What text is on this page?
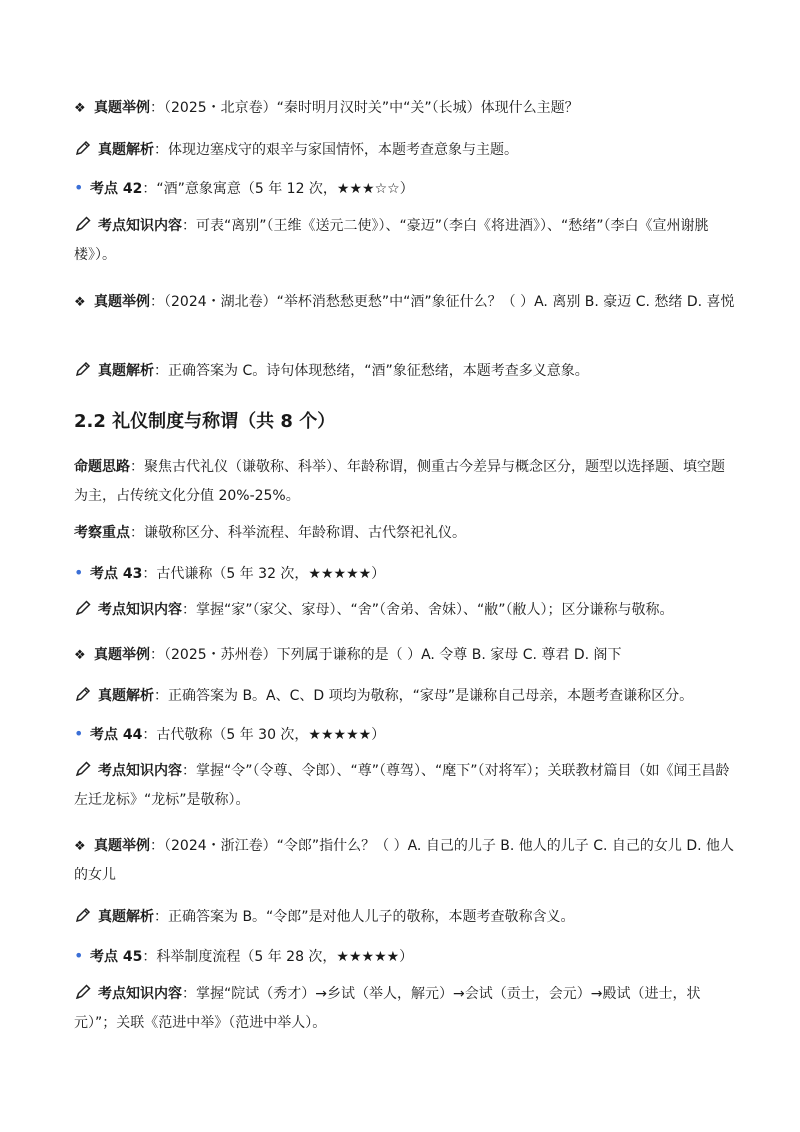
❖ 真题举例：（2025・北京卷）“秦时明月汉时关”中“关”（长城）体现什么主题？
真题解析：体现边塞戍守的艰辛与家国情怀，本题考查意象与主题。
• 考点 42：“酒”意象寓意（5 年 12 次，★★★☆☆）
考点知识内容：可表“离别”（王维《送元二使》）、“豪迈”（李白《将进酒》）、“愁绪”（李白《宣州谢朓楼》）。
❖ 真题举例：（2024・湖北卷）“举杯消愁愁更愁”中“酒”象征什么？（ ）A. 离别 B. 豪迈 C. 愁绪 D. 喜悦
真题解析：正确答案为 C。诗句体现愁绪，“酒”象征愁绪，本题考查多义意象。
2.2 礼仪制度与称谓（共 8 个）
命题思路：聚焦古代礼仪（谦敬称、科举）、年龄称谓，侧重古今差异与概念区分，题型以选择题、填空题为主，占传统文化分值 20%-25%。
考察重点：谦敬称区分、科举流程、年龄称谓、古代祭祀礼仪。
• 考点 43：古代谦称（5 年 32 次，★★★★★）
考点知识内容：掌握“家”（家父、家母）、“舍”（舍弟、舍妹）、“敝”（敝人）；区分谦称与敬称。
❖ 真题举例：（2025・苏州卷）下列属于谦称的是（ ）A. 令尊 B. 家母 C. 尊君 D. 阁下
真题解析：正确答案为 B。A、C、D 项均为敬称，“家母”是谦称自己母亲，本题考查谦称区分。
• 考点 44：古代敬称（5 年 30 次，★★★★★）
考点知识内容：掌握“令”（令尊、令郎）、“尊”（尊驾）、“麾下”（对将军）；关联教材篇目（如《闻王昌龄左迁龙标》“龙标”是敬称）。
❖ 真题举例：（2024・浙江卷）“令郎”指什么？（ ）A. 自己的儿子 B. 他人的儿子 C. 自己的女儿 D. 他人的女儿
真题解析：正确答案为 B。“令郎”是对他人儿子的敬称，本题考查敬称含义。
• 考点 45：科举制度流程（5 年 28 次，★★★★★）
考点知识内容：掌握“院试（秀才）→乡试（举人，解元）→会试（贡士，会元）→殿试（进士，状元）”；关联《范进中举》（范进中举人）。
